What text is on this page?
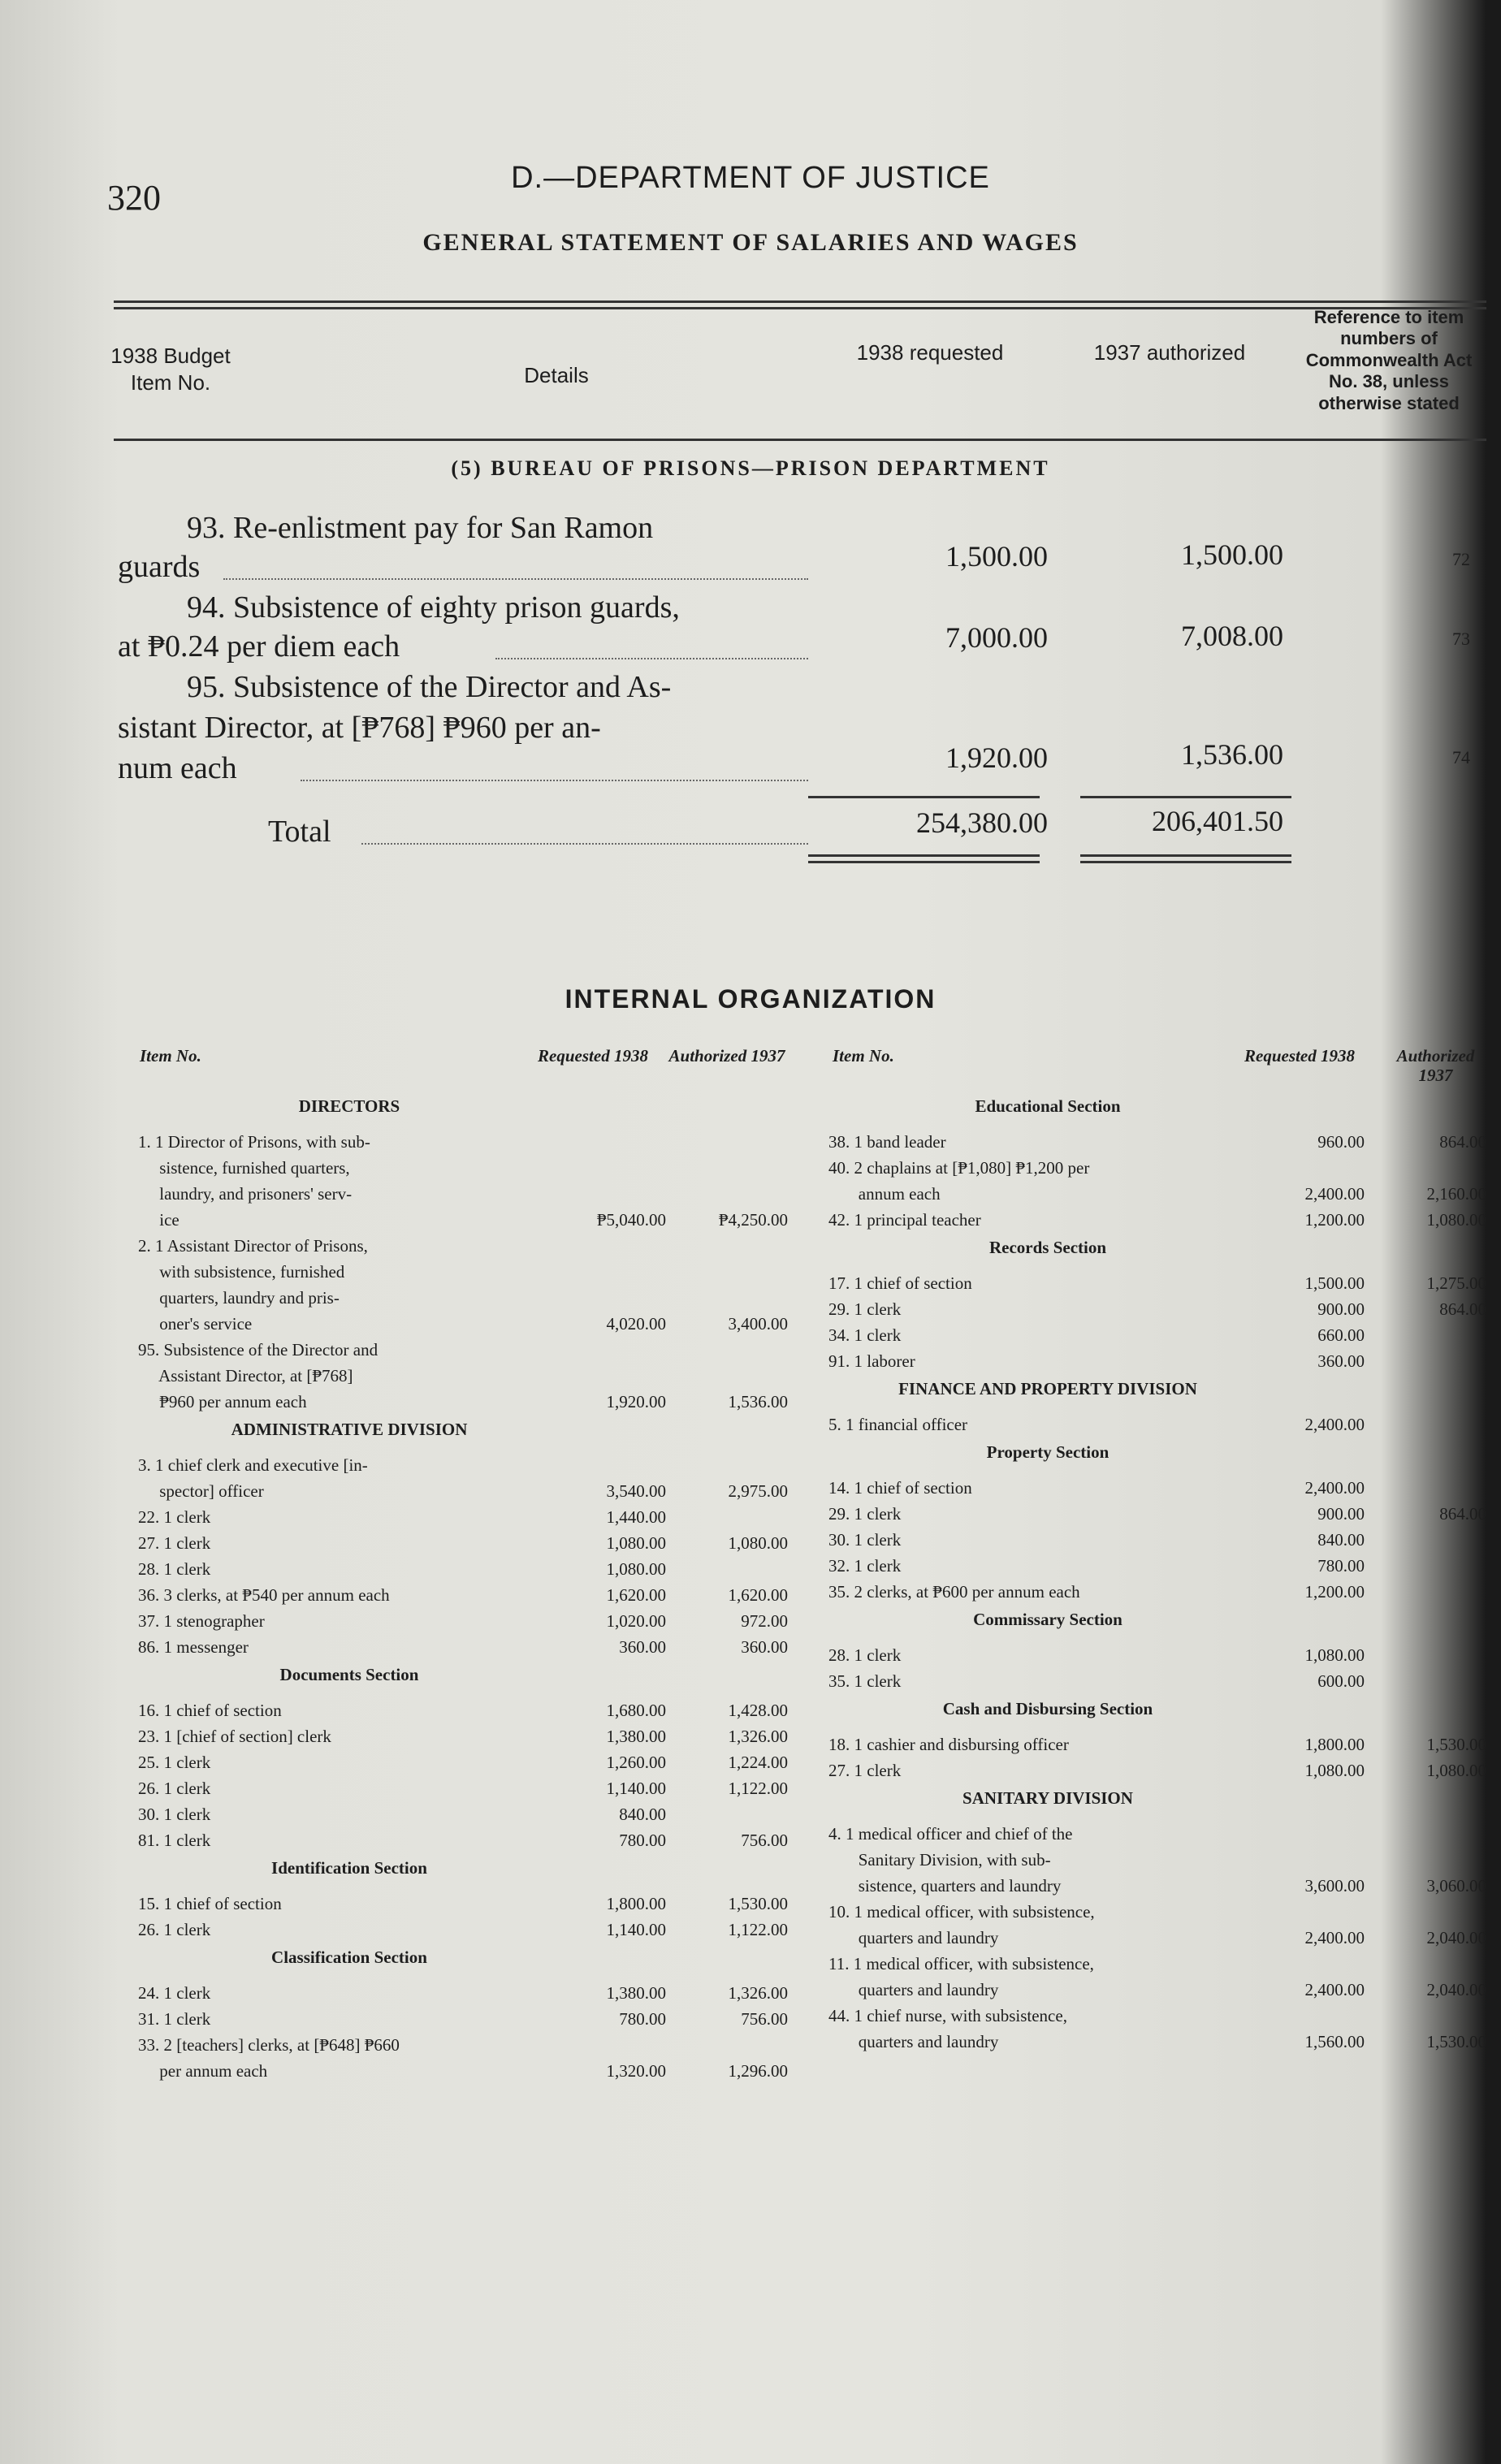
320	D.—DEPARTMENT OF JUSTICE
GENERAL STATEMENT OF SALARIES AND WAGES
1938 Budget Item No.	Details
1938 requested	1937 authorized
Reference to item numbers of Commonwealth Act No. 38, unless otherwise stated
(5) BUREAU OF PRISONS—PRISON DEPARTMENT
93. Re-enlistment pay for San Ramon
guards	1,500.00	1,500.00	72
94. Subsistence of eighty prison guards,
at ₱0.24 per diem each	7,000.00	7,008.00	73
95. Subsistence of the Director and As-
sistant Director, at [₱768] ₱960 per an-
num each	1,920.00	1,536.00	74
Total	254,380.00	206,401.50
INTERNAL ORGANIZATION
Item No.	Requested 1938 Authorized 1937	Item No.	Requested 1938	Authorized 1937
DIRECTORS
1. 1 Director of Prisons, with sub-
sistence, furnished quarters,
laundry, and prisoners' serv-
ice	₱5,040.00	₱4,250.00
2. 1 Assistant Director of Prisons,
with subsistence, furnished
quarters, laundry and pris-
oner's service	4,020.00	3,400.00
95. Subsistence of the Director and
Assistant Director, at [₱768]
₱960 per annum each	1,920.00	1,536.00
ADMINISTRATIVE DIVISION
3. 1 chief clerk and executive [in-
spector] officer	3,540.00	2,975.00
22. 1 clerk	1,440.00
27. 1 clerk	1,080.00	1,080.00
28. 1 clerk	1,080.00
36. 3 clerks, at ₱540 per annum each	1,620.00	1,620.00
37. 1 stenographer	1,020.00	972.00
86. 1 messenger	360.00	360.00
Documents Section
16. 1 chief of section	1,680.00	1,428.00
23. 1 [chief of section] clerk	1,380.00	1,326.00
25. 1 clerk	1,260.00	1,224.00
26. 1 clerk	1,140.00	1,122.00
30. 1 clerk	840.00
81. 1 clerk	780.00	756.00
Identification Section
15. 1 chief of section	1,800.00	1,530.00
26. 1 clerk	1,140.00	1,122.00
Classification Section
24. 1 clerk	1,380.00	1,326.00
31. 1 clerk	780.00	756.00
33. 2 [teachers] clerks, at [₱648] ₱660
per annum each	1,320.00	1,296.00
Educational Section
38. 1 band leader	960.00	864.00
40. 2 chaplains at [₱1,080] ₱1,200 per
annum each	2,400.00	2,160.00
42. 1 principal teacher	1,200.00	1,080.00
Records Section
17. 1 chief of section	1,500.00	1,275.00
29. 1 clerk	900.00	864.00
34. 1 clerk	660.00
91. 1 laborer	360.00
FINANCE AND PROPERTY DIVISION
5. 1 financial officer	2,400.00
Property Section
14. 1 chief of section	2,400.00
29. 1 clerk	900.00	864.00
30. 1 clerk	840.00
32. 1 clerk	780.00
35. 2 clerks, at ₱600 per annum each	1,200.00
Commissary Section
28. 1 clerk	1,080.00
35. 1 clerk	600.00
Cash and Disbursing Section
18. 1 cashier and disbursing officer	1,800.00	1,530.00
27. 1 clerk	1,080.00	1,080.00
SANITARY DIVISION
4. 1 medical officer and chief of the
Sanitary Division, with sub-
sistence, quarters and laundry	3,600.00	3,060.00
10. 1 medical officer, with subsistence,
quarters and laundry	2,400.00	2,040.00
11. 1 medical officer, with subsistence,
quarters and laundry	2,400.00	2,040.00
44. 1 chief nurse, with subsistence,
quarters and laundry	1,560.00	1,530.00
